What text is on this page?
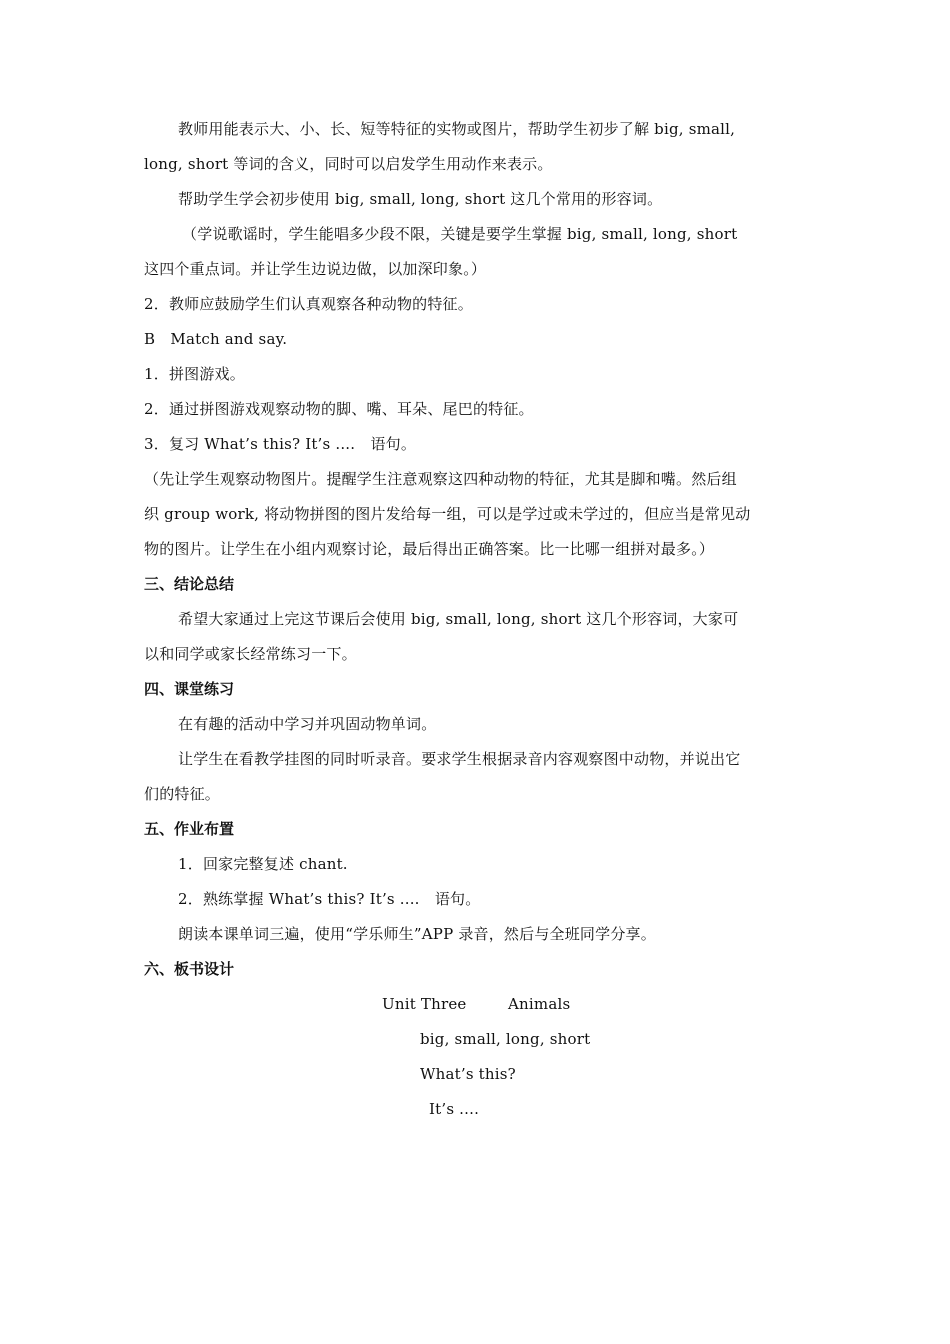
教师用能表示大、小、长、短等特征的实物或图片，帮助学生初步了解 big, small,
long, short 等词的含义，同时可以启发学生用动作来表示。
帮助学生学会初步使用 big, small, long, short 这几个常用的形容词。
（学说歌谣时，学生能唱多少段不限，关键是要学生掌握 big, small, long, short
这四个重点词。并让学生边说边做，以加深印象。）
2．教师应鼓励学生们认真观察各种动物的特征。
B　Match and say.
1．拼图游戏。
2．通过拼图游戏观察动物的脚、嘴、耳朵、尾巴的特征。
3．复习 What’s this? It’s ....　语句。
（先让学生观察动物图片。提醒学生注意观察这四种动物的特征，尤其是脚和嘴。然后组
织 group work, 将动物拼图的图片发给每一组，可以是学过或未学过的，但应当是常见动
物的图片。让学生在小组内观察讨论，最后得出正确答案。比一比哪一组拼对最多。）
三、结论总结
希望大家通过上完这节课后会使用 big, small, long, short 这几个形容词，大家可
以和同学或家长经常练习一下。
四、课堂练习
在有趣的活动中学习并巩固动物单词。
让学生在看教学挂图的同时听录音。要求学生根据录音内容观察图中动物，并说出它
们的特征。
五、作业布置
1．回家完整复述 chant.
2．熟练掌握 What’s this? It’s ....　语句。
朗读本课单词三遍，使用“学乐师生”APP 录音，然后与全班同学分享。
六、板书设计
Unit Three	Animals
big, small, long, short
What’s this?
It’s ....
